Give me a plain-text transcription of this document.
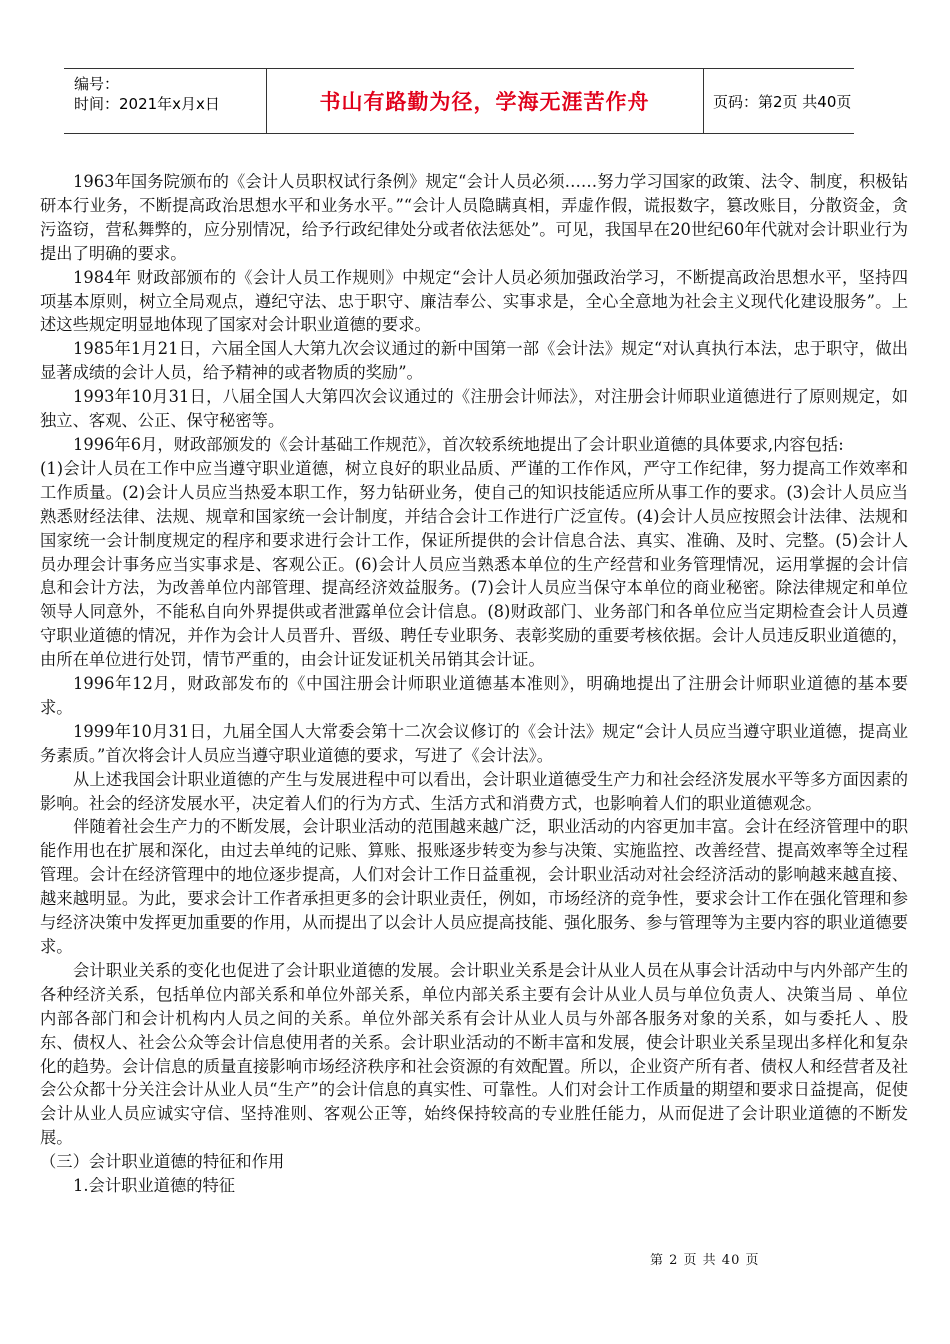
编号：
时间：2021年x月x日	书山有路勤为径，学海无涯苦作舟	页码：第2页 共40页

1963年国务院颁布的《会计人员职权试行条例》规定“会计人员必须……努力学习国家的政策、法令、制度，积极钻研本行业务，不断提高政治思想水平和业务水平。”“会计人员隐瞒真相，弄虚作假，谎报数字，篡改账目，分散资金，贪污盗窃，营私舞弊的，应分别情况，给予行政纪律处分或者依法惩处”。可见，我国早在20世纪60年代就对会计职业行为提出了明确的要求。

1984年 财政部颁布的《会计人员工作规则》中规定“会计人员必须加强政治学习，不断提高政治思想水平，坚持四项基本原则，树立全局观点，遵纪守法、忠于职守、廉洁奉公、实事求是，全心全意地为社会主义现代化建设服务”。上述这些规定明显地体现了国家对会计职业道德的要求。

1985年1月21日，六届全国人大第九次会议通过的新中国第一部《会计法》规定“对认真执行本法，忠于职守，做出显著成绩的会计人员，给予精神的或者物质的奖励”。

1993年10月31日，八届全国人大第四次会议通过的《注册会计师法》，对注册会计师职业道德进行了原则规定，如独立、客观、公正、保守秘密等。

1996年6月，财政部颁发的《会计基础工作规范》，首次较系统地提出了会计职业道德的具体要求,内容包括:

(1)会计人员在工作中应当遵守职业道德，树立良好的职业品质、严谨的工作作风，严守工作纪律，努力提高工作效率和工作质量。(2)会计人员应当热爱本职工作，努力钻研业务，使自己的知识技能适应所从事工作的要求。(3)会计人员应当熟悉财经法律、法规、规章和国家统一会计制度，并结合会计工作进行广泛宣传。(4)会计人员应按照会计法律、法规和国家统一会计制度规定的程序和要求进行会计工作，保证所提供的会计信息合法、真实、准确、及时、完整。(5)会计人员办理会计事务应当实事求是、客观公正。(6)会计人员应当熟悉本单位的生产经营和业务管理情况，运用掌握的会计信息和会计方法，为改善单位内部管理、提高经济效益服务。(7)会计人员应当保守本单位的商业秘密。除法律规定和单位领导人同意外，不能私自向外界提供或者泄露单位会计信息。(8)财政部门、业务部门和各单位应当定期检查会计人员遵守职业道德的情况，并作为会计人员晋升、晋级、聘任专业职务、表彰奖励的重要考核依据。会计人员违反职业道德的，由所在单位进行处罚，情节严重的，由会计证发证机关吊销其会计证。

1996年12月，财政部发布的《中国注册会计师职业道德基本准则》，明确地提出了注册会计师职业道德的基本要求。

1999年10月31日，九届全国人大常委会第十二次会议修订的《会计法》规定“会计人员应当遵守职业道德，提高业务素质。”首次将会计人员应当遵守职业道德的要求，写进了《会计法》。

从上述我国会计职业道德的产生与发展进程中可以看出，会计职业道德受生产力和社会经济发展水平等多方面因素的影响。社会的经济发展水平，决定着人们的行为方式、生活方式和消费方式，也影响着人们的职业道德观念。

伴随着社会生产力的不断发展，会计职业活动的范围越来越广泛，职业活动的内容更加丰富。会计在经济管理中的职能作用也在扩展和深化，由过去单纯的记账、算账、报账逐步转变为参与决策、实施监控、改善经营、提高效率等全过程管理。会计在经济管理中的地位逐步提高，人们对会计工作日益重视，会计职业活动对社会经济活动的影响越来越直接、越来越明显。为此，要求会计工作者承担更多的会计职业责任，例如，市场经济的竞争性，要求会计工作在强化管理和参与经济决策中发挥更加重要的作用，从而提出了以会计人员应提高技能、强化服务、参与管理等为主要内容的职业道德要求。

会计职业关系的变化也促进了会计职业道德的发展。会计职业关系是会计从业人员在从事会计活动中与内外部产生的各种经济关系，包括单位内部关系和单位外部关系，单位内部关系主要有会计从业人员与单位负责人、决策当局 、单位内部各部门和会计机构内人员之间的关系。单位外部关系有会计从业人员与外部各服务对象的关系，如与委托人 、股东、债权人、社会公众等会计信息使用者的关系。会计职业活动的不断丰富和发展，使会计职业关系呈现出多样化和复杂化的趋势。会计信息的质量直接影响市场经济秩序和社会资源的有效配置。所以，企业资产所有者、债权人和经营者及社会公众都十分关注会计从业人员“生产”的会计信息的真实性、可靠性。人们对会计工作质量的期望和要求日益提高，促使会计从业人员应诚实守信、坚持准则、客观公正等，始终保持较高的专业胜任能力，从而促进了会计职业道德的不断发展。

（三）会计职业道德的特征和作用

1.会计职业道德的特征

第 2 页 共 40 页
